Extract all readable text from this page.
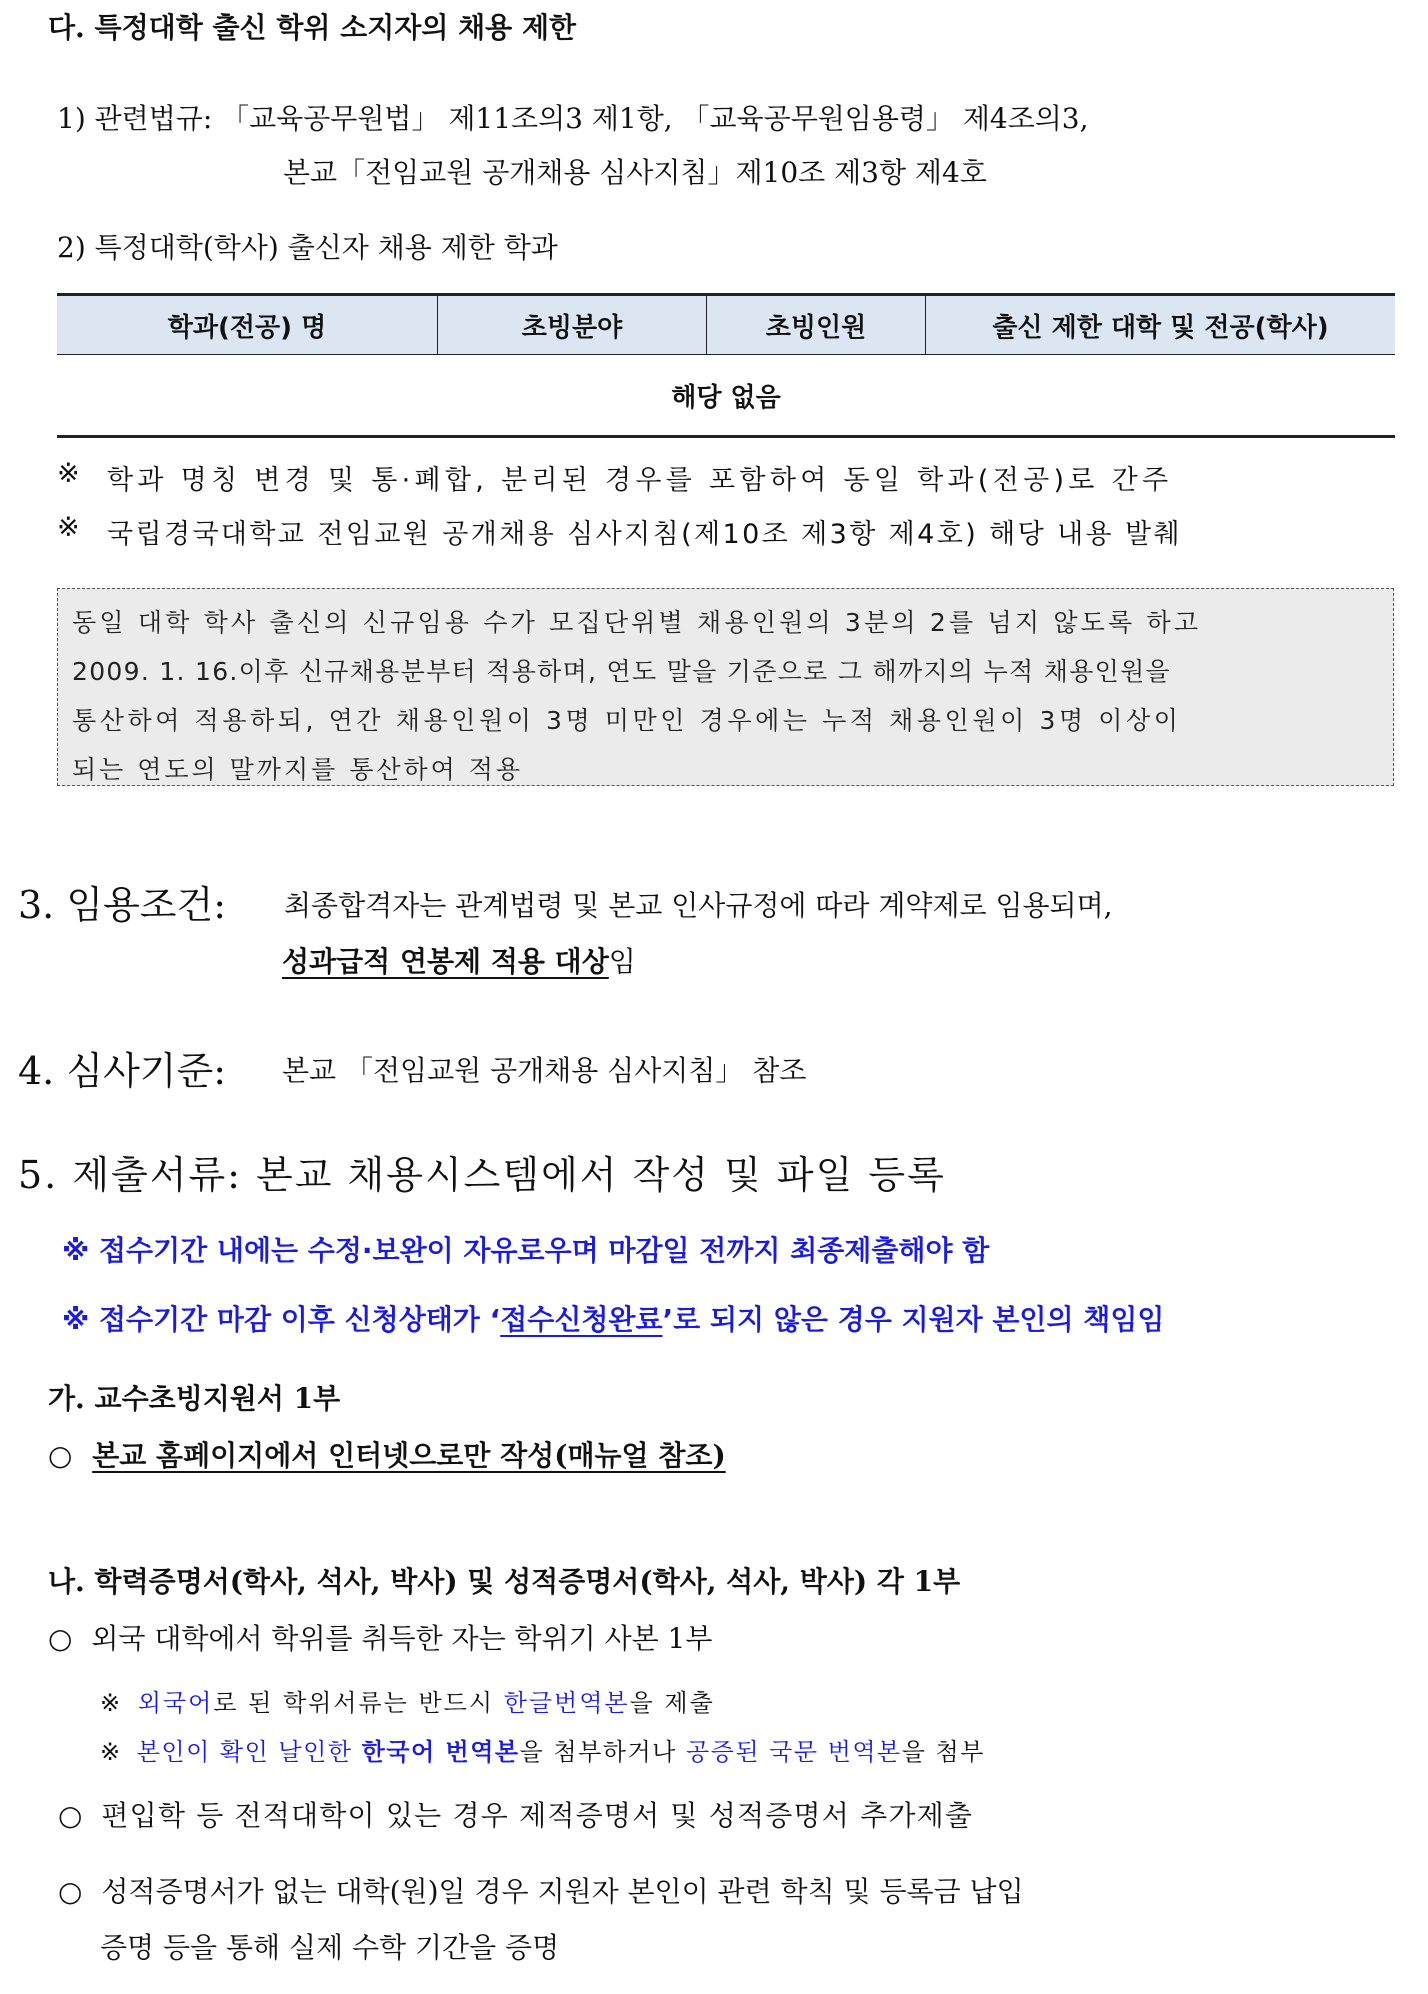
다. 특정대학 출신 학위 소지자의 채용 제한
1) 관련법규: 「교육공무원법」 제11조의3 제1항, 「교육공무원임용령」 제4조의3,
본교「전임교원 공개채용 심사지침」제10조 제3항 제4호
2) 특정대학(학사) 출신자 채용 제한 학과
학과(전공) 명	초빙분야	초빙인원	출신 제한 대학 및 전공(학사)
해당 없음
※	학과 명칭 변경 및 통·폐합, 분리된 경우를 포함하여 동일 학과(전공)로 간주
※	국립경국대학교 전임교원 공개채용 심사지침(제10조 제3항 제4호) 해당 내용 발췌
동일 대학 학사 출신의 신규임용 수가 모집단위별 채용인원의 3분의 2를 넘지 않도록 하고
2009. 1. 16.이후 신규채용분부터 적용하며, 연도 말을 기준으로 그 해까지의 누적 채용인원을
통산하여 적용하되, 연간 채용인원이 3명 미만인 경우에는 누적 채용인원이 3명 이상이
되는 연도의 말까지를 통산하여 적용
3. 임용조건: 최종합격자는 관계법령 및 본교 인사규정에 따라 계약제로 임용되며,
성과급적 연봉제 적용 대상임
4. 심사기준: 본교 「전임교원 공개채용 심사지침」 참조
5. 제출서류: 본교 채용시스템에서 작성 및 파일 등록
※ 접수기간 내에는 수정·보완이 자유로우며 마감일 전까지 최종제출해야 함
※ 접수기간 마감 이후 신청상태가 ‘접수신청완료’로 되지 않은 경우 지원자 본인의 책임임
가. 교수초빙지원서 1부
○ 본교 홈페이지에서 인터넷으로만 작성(매뉴얼 참조)
나. 학력증명서(학사, 석사, 박사) 및 성적증명서(학사, 석사, 박사) 각 1부
○ 외국 대학에서 학위를 취득한 자는 학위기 사본 1부
※ 외국어로 된 학위서류는 반드시 한글번역본을 제출
※ 본인이 확인 날인한 한국어 번역본을 첨부하거나 공증된 국문 번역본을 첨부
○ 편입학 등 전적대학이 있는 경우 제적증명서 및 성적증명서 추가제출
○ 성적증명서가 없는 대학(원)일 경우 지원자 본인이 관련 학칙 및 등록금 납입
증명 등을 통해 실제 수학 기간을 증명
